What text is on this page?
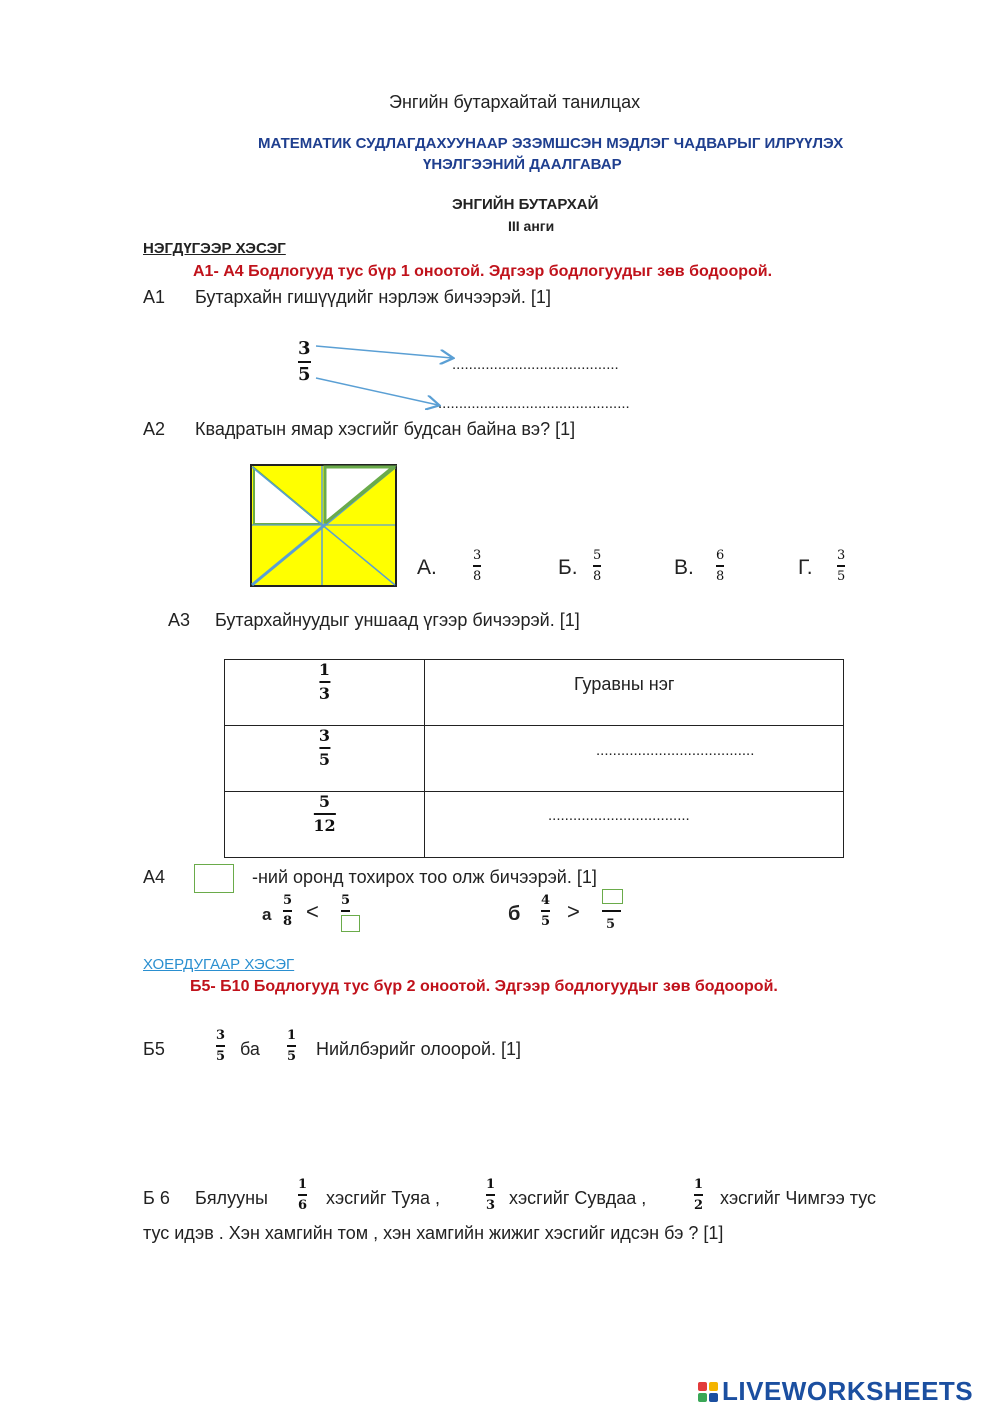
Энгийн бутархайтай танилцах
МАТЕМАТИК СУДЛАГДАХУУНААР ЭЗЭМШСЭН МЭДЛЭГ ЧАДВАРЫГ ИЛРҮҮЛЭХ
ҮНЭЛГЭЭНИЙ ДААЛГАВАР
ЭНГИЙН БУТАРХАЙ
III анги
НЭГДҮГЭЭР ХЭСЭГ
А1- А4 Бодлогууд тус бүр 1 оноотой. Эдгээр бодлогуудыг зөв бодоорой.
А1 Бутархайн гишүүдийг нэрлэж бичээрэй. [1]
3
5	........................................
..............................................
А2 Квадратын ямар хэсгийг будсан байна вэ? [1]
А.
3
8	Б.
5
8	В.
6
8	Г.
3
5
А3 Бутархайнуудыг уншаад үгээр бичээрэй. [1]
1
3	Гуравны нэг

3
5	......................................

5
12	..................................
А4	-ний оронд тохирох тоо олж бичээрэй. [1]
а
5
8 < 5
б
4
5 >
5
ХОЕРДУГААР ХЭСЭГ
Б5- Б10 Бодлогууд тус бүр 2 оноотой. Эдгээр бодлогуудыг зөв бодоорой.
Б5
3
5 ба
1
5 Нийлбэрийг олоорой. [1]
Б 6 Бялууны
1
6 хэсгийг Туяа ,
1
3 хэсгийг Сувдаа ,
1
2 хэсгийг Чимгээ тус
тус идэв . Хэн хамгийн том , хэн хамгийн жижиг хэсгийг идсэн бэ ? [1]
LIVEWORKSHEETS
